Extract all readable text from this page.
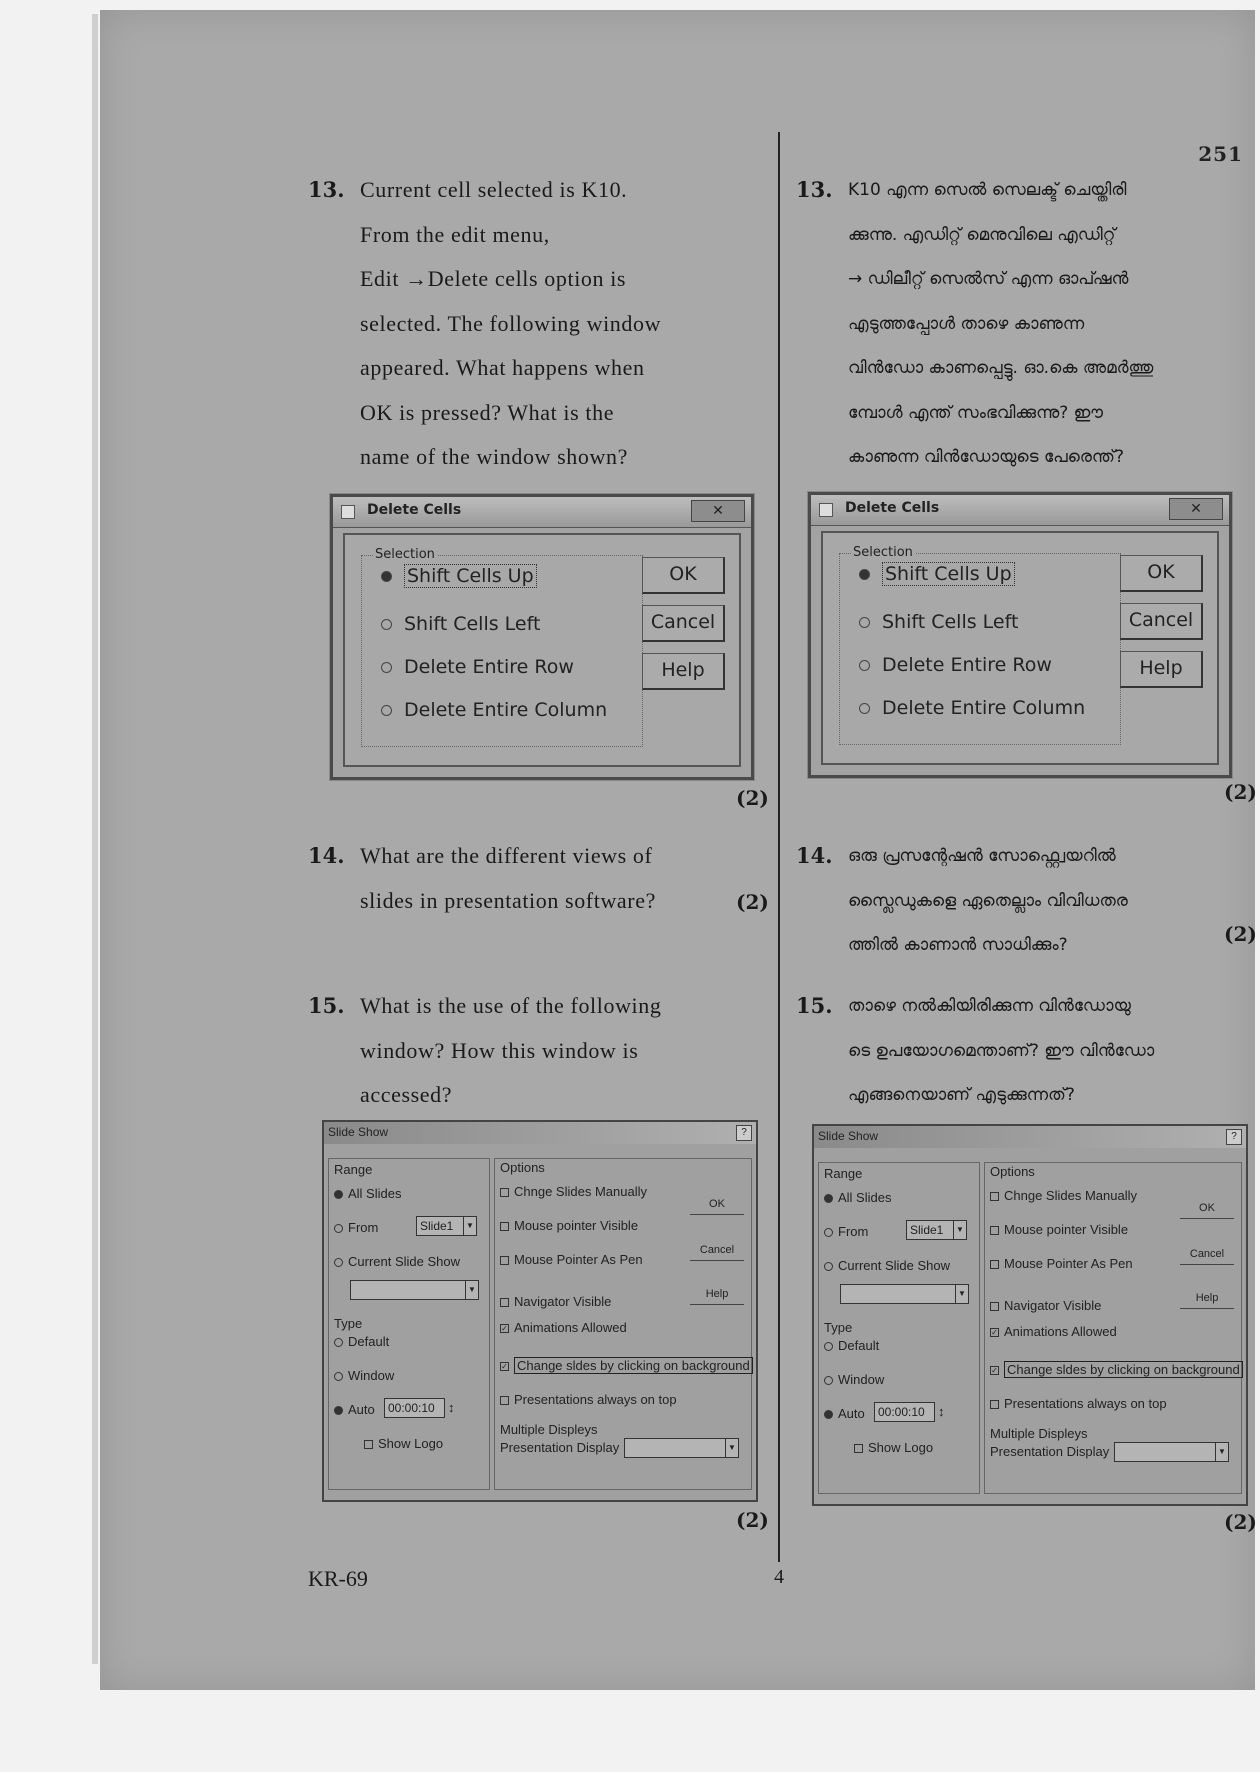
251
13. Current cell selected is K10.
From the edit menu,
Edit →Delete cells option is
selected. The following window
appeared. What happens when
OK is pressed? What is the
name of the window shown?
13. K10 എന്ന സെൽ സെലക്ട് ചെയ്തിരി
ക്കുന്നു. എഡിറ്റ് മെനുവിലെ എഡിറ്റ്
→ ഡിലീറ്റ് സെൽസ് എന്ന ഓപ്ഷൻ
എടുത്തപ്പോൾ താഴെ കാണുന്ന
വിൻഡോ കാണപ്പെട്ടു. ഓ.കെ അമർത്തു
മ്പോൾ എന്ത് സംഭവിക്കുന്നു? ഈ
കാണുന്ന വിൻഡോയുടെ പേരെന്ത്?
Delete Cells	✕
Selection
Shift Cells Up
Shift Cells Left
Delete Entire Row
Delete Entire Column
OK
Cancel
Help
(2)
Delete Cells	✕
Selection
Shift Cells Up
Shift Cells Left
Delete Entire Row
Delete Entire Column
OK
Cancel
Help
(2)
14. What are the different views of
slides in presentation software?	(2)
14. ഒരു പ്രസന്റേഷൻ സോഫ്റ്റ്വെയറിൽ
സ്ലൈഡുകളെ ഏതെല്ലാം വിവിധതര
ത്തിൽ കാണാൻ സാധിക്കും?	(2)
15. What is the use of the following
window? How this window is
accessed?
15. താഴെ നൽകിയിരിക്കുന്ന വിൻഡോയു
ടെ ഉപയോഗമെന്താണ്? ഈ വിൻഡോ
എങ്ങനെയാണ് എടുക്കുന്നത്?
Slide Show	?
Range
All Slides
From	Slide1	▼
Current Slide Show
▼
Type
Default
Window
Auto	00:00:10	↕
Show Logo
Options
Chnge Slides Manually
Mouse pointer Visible
Mouse Pointer As Pen
Navigator Visible
✓ Animations Allowed
✓ Change sldes by clicking on background
Presentations always on top
Multiple Displeys
Presentation Display	▼
OK
Cancel
Help
(2)
Slide Show	?
Range
All Slides
From	Slide1	▼
Current Slide Show
▼
Type
Default
Window
Auto	00:00:10	↕
Show Logo
Options
Chnge Slides Manually
Mouse pointer Visible
Mouse Pointer As Pen
Navigator Visible
✓ Animations Allowed
✓ Change sldes by clicking on background
Presentations always on top
Multiple Displeys
Presentation Display	▼
OK
Cancel
Help
(2)
KR-69	4
